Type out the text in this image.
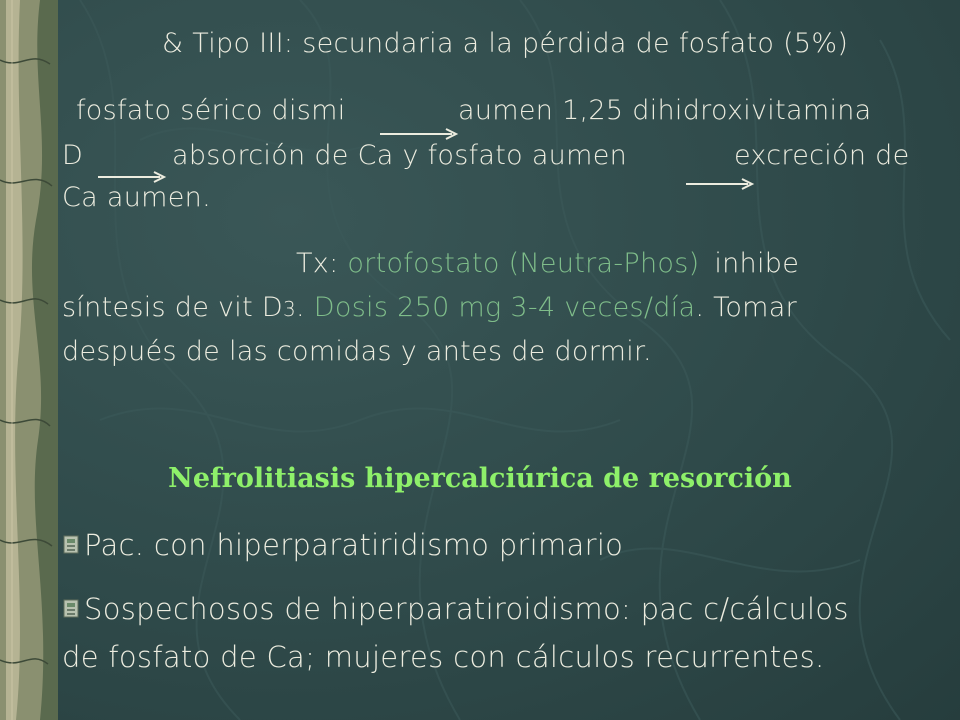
& Tipo III: secundaria a la pérdida de fosfato (5%)
fosfato sérico dismi	aumen 1,25 dihidroxivitamina
D	absorción de Ca y fosfato aumen	excreción de
Ca aumen.
Tx: ortofostato (Neutra-Phos) inhibe
síntesis de vit D3. Dosis 250 mg 3-4 veces/día. Tomar
después de las comidas y antes de dormir.
Nefrolitiasis hipercalciúrica de resorción
Pac. con hiperparatiridismo primario
Sospechosos de hiperparatiroidismo: pac c/cálculos
de fosfato de Ca; mujeres con cálculos recurrentes.
